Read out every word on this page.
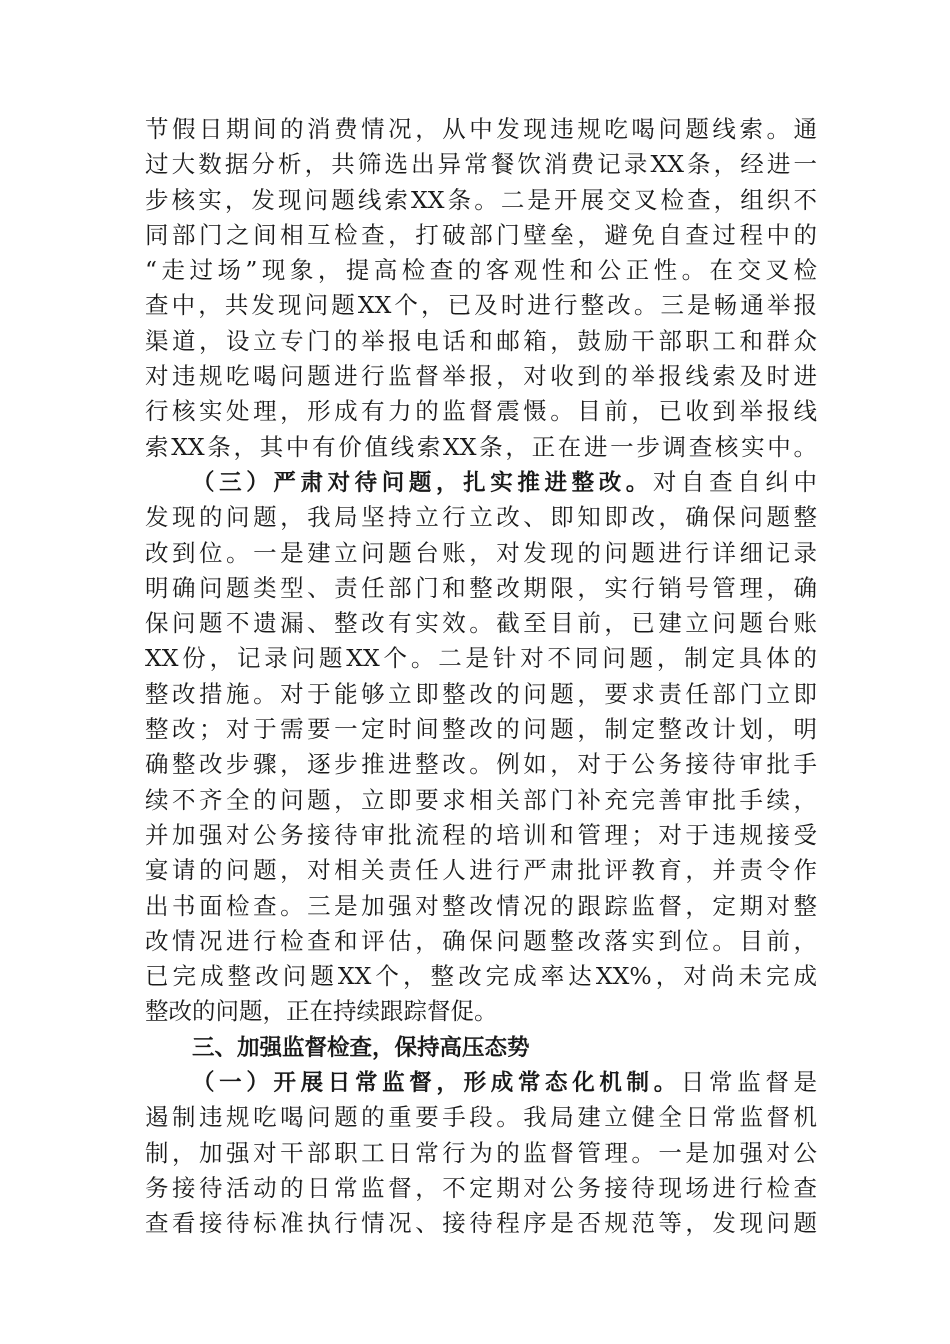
节假日期间的消费情况，从中发现违规吃喝问题线索。通
过大数据分析，共筛选出异常餐饮消费记录XX条，经进一
步核实，发现问题线索XX条。二是开展交叉检查，组织不
同部门之间相互检查，打破部门壁垒，避免自查过程中的
“走过场”现象，提高检查的客观性和公正性。在交叉检
查中，共发现问题XX个，已及时进行整改。三是畅通举报
渠道，设立专门的举报电话和邮箱，鼓励干部职工和群众
对违规吃喝问题进行监督举报，对收到的举报线索及时进
行核实处理，形成有力的监督震慑。目前，已收到举报线
索XX条，其中有价值线索XX条，正在进一步调查核实中。
（三）严肃对待问题，扎实推进整改。对自查自纠中
发现的问题，我局坚持立行立改、即知即改，确保问题整
改到位。一是建立问题台账，对发现的问题进行详细记录
明确问题类型、责任部门和整改期限，实行销号管理，确
保问题不遗漏、整改有实效。截至目前，已建立问题台账
XX份，记录问题XX个。二是针对不同问题，制定具体的
整改措施。对于能够立即整改的问题，要求责任部门立即
整改；对于需要一定时间整改的问题，制定整改计划，明
确整改步骤，逐步推进整改。例如，对于公务接待审批手
续不齐全的问题，立即要求相关部门补充完善审批手续，
并加强对公务接待审批流程的培训和管理；对于违规接受
宴请的问题，对相关责任人进行严肃批评教育，并责令作
出书面检查。三是加强对整改情况的跟踪监督，定期对整
改情况进行检查和评估，确保问题整改落实到位。目前，
已完成整改问题XX个，整改完成率达XX%，对尚未完成
整改的问题，正在持续跟踪督促。
三、加强监督检查，保持高压态势
（一）开展日常监督，形成常态化机制。日常监督是
遏制违规吃喝问题的重要手段。我局建立健全日常监督机
制，加强对干部职工日常行为的监督管理。一是加强对公
务接待活动的日常监督，不定期对公务接待现场进行检查
查看接待标准执行情况、接待程序是否规范等，发现问题
